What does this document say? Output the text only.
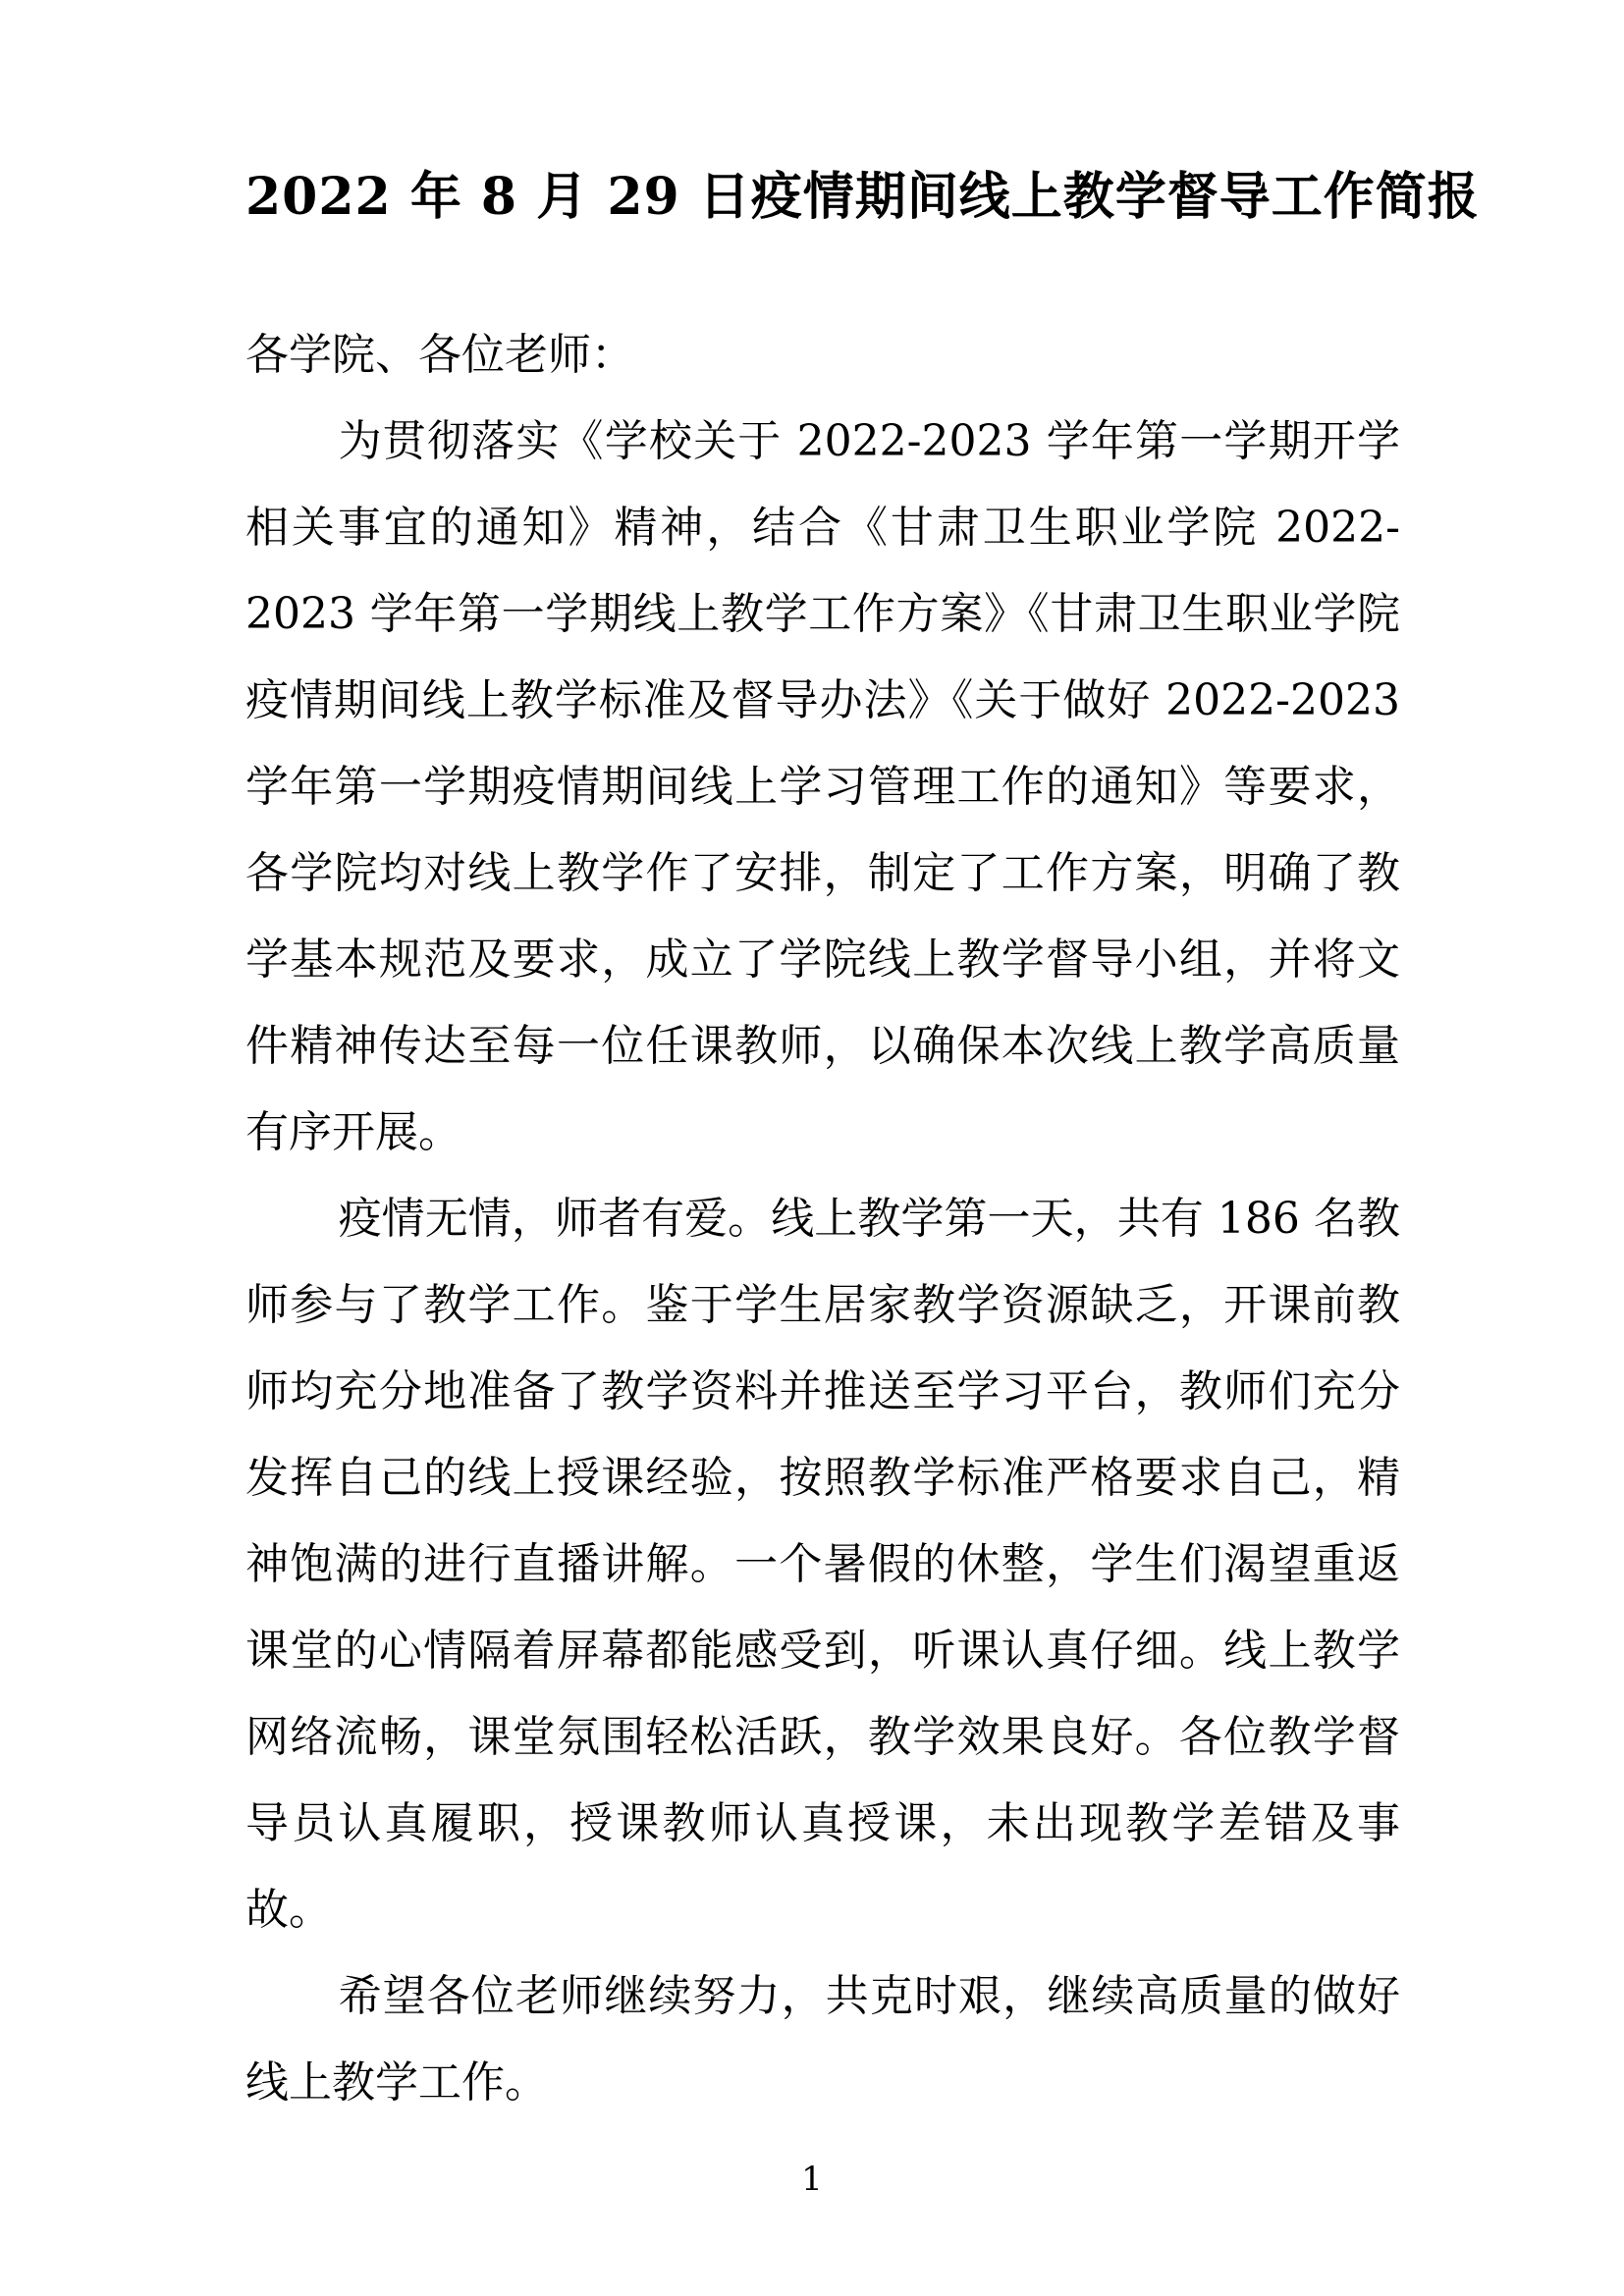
2022 年 8 月 29 日疫情期间线上教学督导工作简报

各学院、各位老师：

为贯彻落实《学校关于 2022-2023 学年第一学期开学相关事宜的通知》精神，结合《甘肃卫生职业学院 2022-2023 学年第一学期线上教学工作方案》《甘肃卫生职业学院疫情期间线上教学标准及督导办法》《关于做好 2022-2023 学年第一学期疫情期间线上学习管理工作的通知》等要求，各学院均对线上教学作了安排，制定了工作方案，明确了教学基本规范及要求，成立了学院线上教学督导小组，并将文件精神传达至每一位任课教师，以确保本次线上教学高质量有序开展。

疫情无情，师者有爱。线上教学第一天，共有 186 名教师参与了教学工作。鉴于学生居家教学资源缺乏，开课前教师均充分地准备了教学资料并推送至学习平台，教师们充分发挥自己的线上授课经验，按照教学标准严格要求自己，精神饱满的进行直播讲解。一个暑假的休整，学生们渴望重返课堂的心情隔着屏幕都能感受到，听课认真仔细。线上教学网络流畅，课堂氛围轻松活跃，教学效果良好。各位教学督导员认真履职，授课教师认真授课，未出现教学差错及事故。

希望各位老师继续努力，共克时艰，继续高质量的做好线上教学工作。

1
